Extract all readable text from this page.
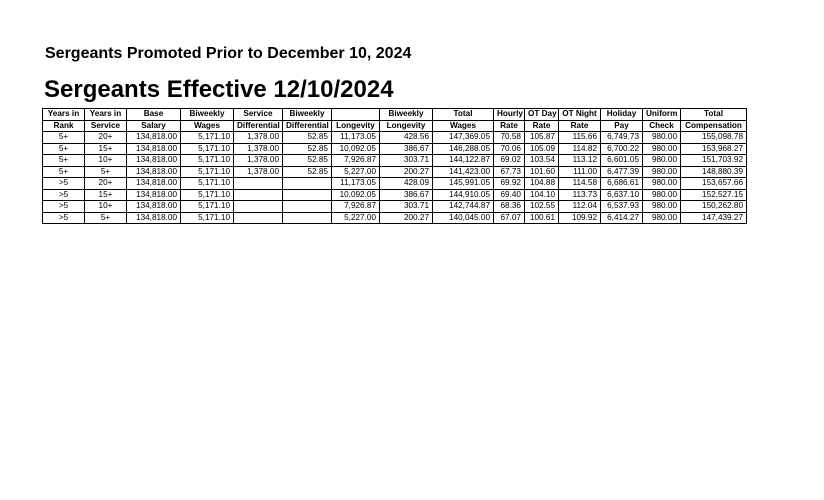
Sergeants Promoted Prior to December 10, 2024
Sergeants Effective 12/10/2024
Years in	Years in	Base	Biweekly	Service	Biweekly		Biweekly	Total	Hourly	OT Day	OT Night	Holiday	Uniform	Total
Rank	Service	Salary	Wages	Differential	Differential	Longevity	Longevity	Wages	Rate	Rate	Rate	Pay	Check	Compensation
5+	20+	134,818.00	5,171.10	1,378.00	52.85	11,173.05	428.56	147,369.05	70.58	105.87	115.66	6,749.73	980.00	155,098.78
5+	15+	134,818.00	5,171.10	1,378.00	52.85	10,092.05	386.67	146,288.05	70.06	105.09	114.82	6,700.22	980.00	153,968.27
5+	10+	134,818.00	5,171.10	1,378.00	52.85	7,926.87	303.71	144,122.87	69.02	103.54	113.12	6,601.05	980.00	151,703.92
5+	5+	134,818.00	5,171.10	1,378.00	52.85	5,227.00	200.27	141,423.00	67.73	101.60	111.00	6,477.39	980.00	148,880.39
>5	20+	134,818.00	5,171.10			11,173.05	428.09	145,991.05	69.92	104.88	114.58	6,686.61	980.00	153,657.66
>5	15+	134,818.00	5,171.10			10,092.05	386.67	144,910.05	69.40	104.10	113.73	6,637.10	980.00	152,527.15
>5	10+	134,818.00	5,171.10			7,926.87	303.71	142,744.87	68.36	102.55	112.04	6,537.93	980.00	150,262.80
>5	5+	134,818.00	5,171.10			5,227.00	200.27	140,045.00	67.07	100.61	109.92	6,414.27	980.00	147,439.27
